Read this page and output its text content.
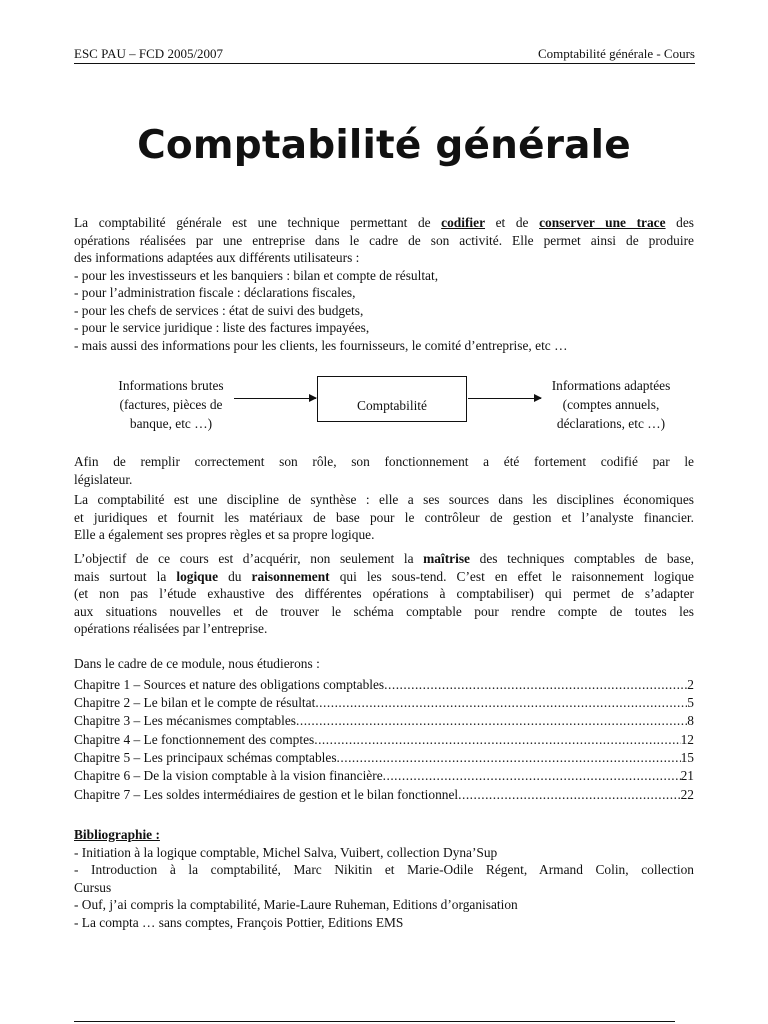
ESC PAU – FCD 2005/2007	Comptabilité générale - Cours
Comptabilité générale
La comptabilité générale est une technique permettant de codifier et de conserver une trace des
opérations réalisées par une entreprise dans le cadre de son activité. Elle permet ainsi de produire
des informations adaptées aux différents utilisateurs :
- pour les investisseurs et les banquiers : bilan et compte de résultat,
- pour l’administration fiscale : déclarations fiscales,
- pour les chefs de services : état de suivi des budgets,
- pour le service juridique : liste des factures impayées,
- mais aussi des informations pour les clients, les fournisseurs, le comité d’entreprise, etc …
Informations brutes
(factures, pièces de
banque, etc …)
Comptabilité
Informations adaptées
(comptes annuels,
déclarations, etc …)
Afin de remplir correctement son rôle, son fonctionnement a été fortement codifié par le
législateur.
La comptabilité est une discipline de synthèse : elle a ses sources dans les disciplines économiques
et juridiques et fournit les matériaux de base pour le contrôleur de gestion et l’analyste financier.
Elle a également ses propres règles et sa propre logique.
L’objectif de ce cours est d’acquérir, non seulement la maîtrise des techniques comptables de base,
mais surtout la logique du raisonnement qui les sous-tend. C’est en effet le raisonnement logique
(et non pas l’étude exhaustive des différentes opérations à comptabiliser) qui permet de s’adapter
aux situations nouvelles et de trouver le schéma comptable pour rendre compte de toutes les
opérations réalisées par l’entreprise.
Dans le cadre de ce module, nous étudierons :
Chapitre 1 – Sources et nature des obligations comptables .....	2
Chapitre 2 – Le bilan et le compte de résultat .....	5
Chapitre 3 – Les mécanismes comptables .....	8
Chapitre 4 – Le fonctionnement des comptes .....	12
Chapitre 5 – Les principaux schémas comptables .....	15
Chapitre 6 – De la vision comptable à la vision financière .....	21
Chapitre 7 – Les soldes intermédiaires de gestion et le bilan fonctionnel .....	22
Bibliographie :
- Initiation à la logique comptable, Michel Salva, Vuibert, collection Dyna’Sup
- Introduction à la comptabilité, Marc Nikitin et Marie-Odile Régent, Armand Colin, collection
Cursus
- Ouf, j’ai compris la comptabilité, Marie-Laure Ruheman, Editions d’organisation
- La compta … sans comptes, François Pottier, Editions EMS
